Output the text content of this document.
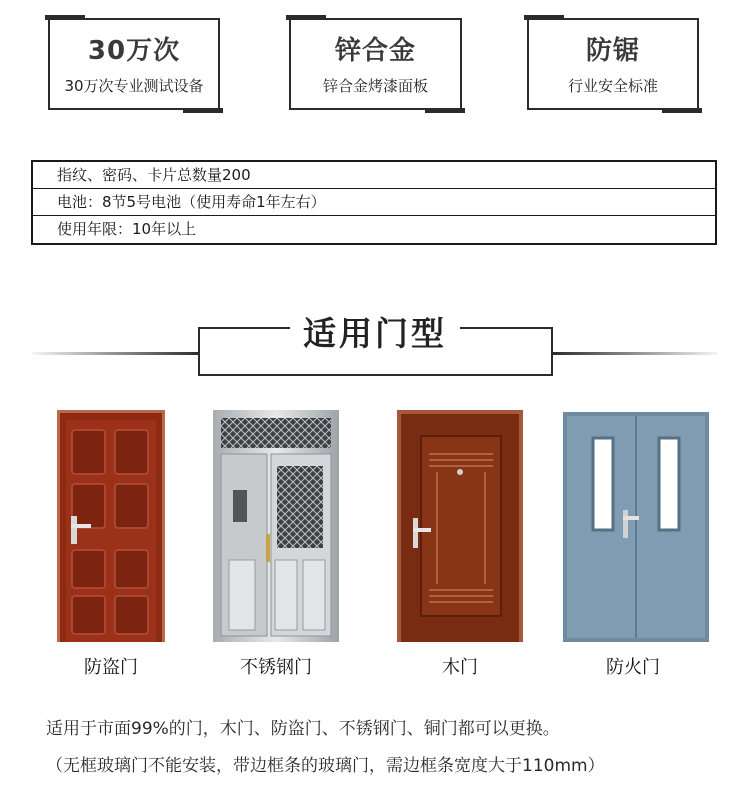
30万次
30万次专业测试设备
锌合金
锌合金烤漆面板
防锯
行业安全标准
指纹、密码、卡片总数量200
电池：8节5号电池（使用寿命1年左右）
使用年限：10年以上
适用门型
防盗门	不锈钢门	木门	防火门
适用于市面99%的门，木门、防盗门、不锈钢门、铜门都可以更换。
（无框玻璃门不能安装，带边框条的玻璃门，需边框条宽度大于110mm）
